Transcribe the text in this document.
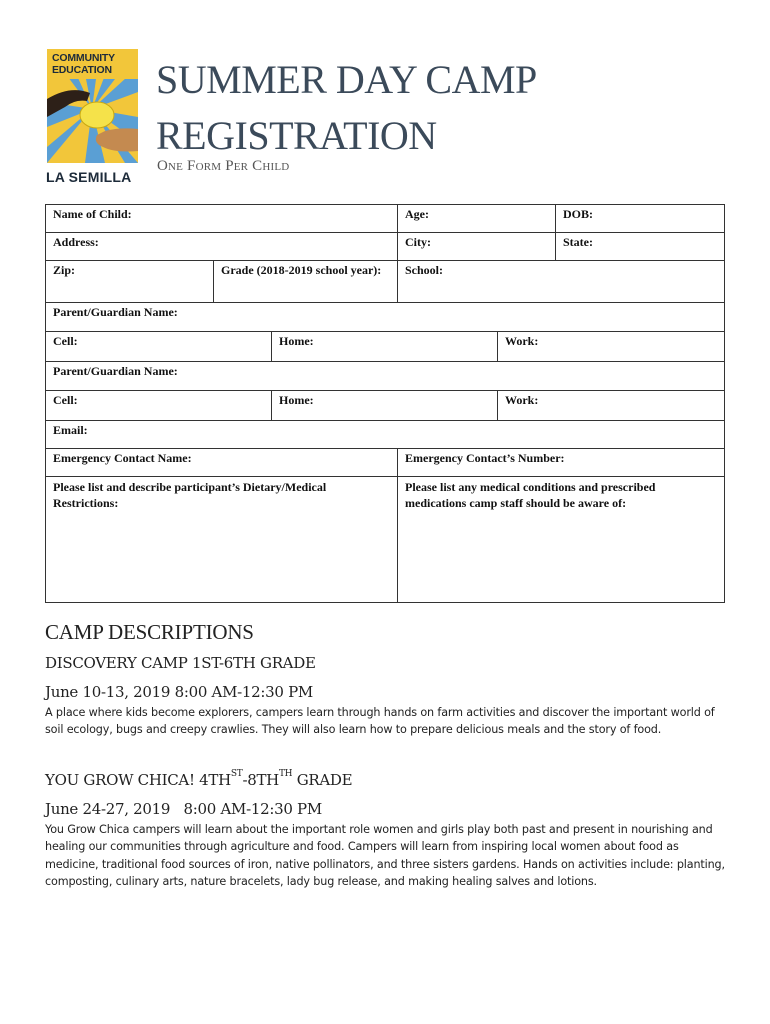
COMMUNITY
EDUCATION
LA SEMILLA
SUMMER DAY CAMP
REGISTRATION
One Form Per Child
Name of Child:	Age:	DOB:
Address:	City:	State:
Zip:	Grade (2018-2019 school year):	School:
Parent/Guardian Name:
Cell:	Home:	Work:
Parent/Guardian Name:
Cell:	Home:	Work:
Email:
Emergency Contact Name:	Emergency Contact’s Number:
Please list and describe participant’s Dietary/Medical Restrictions:
Please list any medical conditions and prescribed medications camp staff should be aware of:
CAMP DESCRIPTIONS
DISCOVERY CAMP 1ST-6TH GRADE
June 10-13, 2019 8:00 AM-12:30 PM
A place where kids become explorers, campers learn through hands on farm activities and discover the important world of soil ecology, bugs and creepy crawlies. They will also learn how to prepare delicious meals and the story of food.
YOU GROW CHICA! $4TH^{ST}-8TH^{TH}$ GRADE
June 24-27, 2019   8:00 AM-12:30 PM
You Grow Chica campers will learn about the important role women and girls play both past and present in nourishing and healing our communities through agriculture and food. Campers will learn from inspiring local women about food as medicine, traditional food sources of iron, native pollinators, and three sisters gardens. Hands on activities include: planting, composting, culinary arts, nature bracelets, lady bug release, and making healing salves and lotions.
